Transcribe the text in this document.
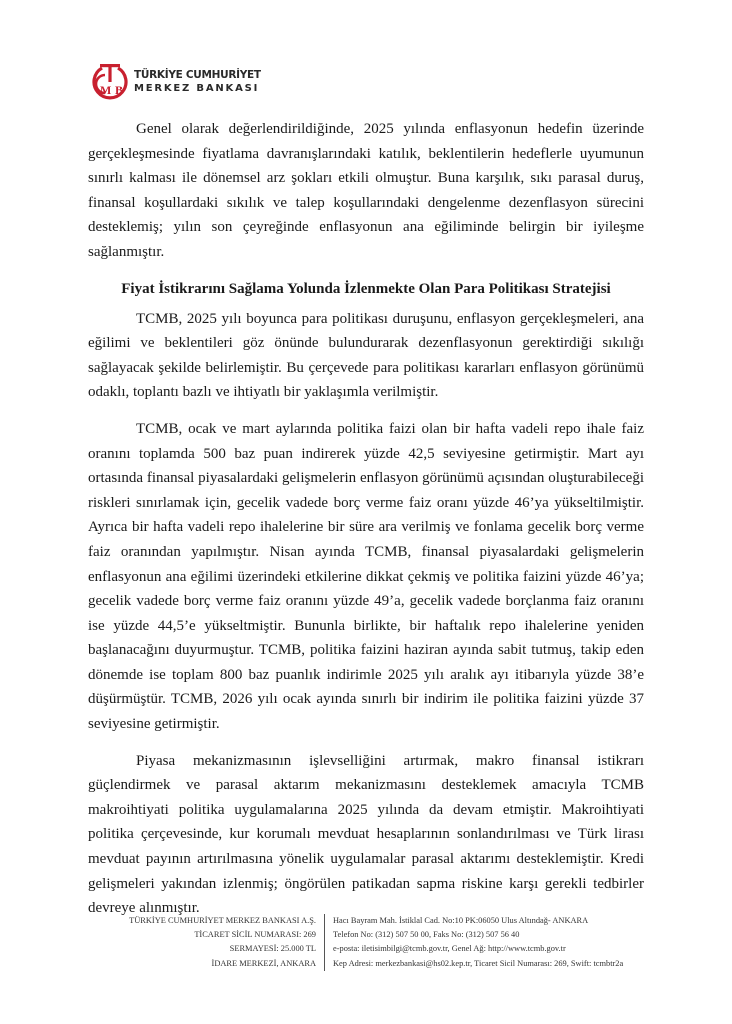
M B
TÜRKİYE CUMHURİYET
MERKEZ BANKASI

Genel olarak değerlendirildiğinde, 2025 yılında enflasyonun hedefin üzerinde gerçekleşmesinde fiyatlama davranışlarındaki katılık, beklentilerin hedeflerle uyumunun sınırlı kalması ile dönemsel arz şokları etkili olmuştur. Buna karşılık, sıkı parasal duruş, finansal koşullardaki sıkılık ve talep koşullarındaki dengelenme dezenflasyon sürecini desteklemiş; yılın son çeyreğinde enflasyonun ana eğiliminde belirgin bir iyileşme sağlanmıştır.

Fiyat İstikrarını Sağlama Yolunda İzlenmekte Olan Para Politikası Stratejisi

TCMB, 2025 yılı boyunca para politikası duruşunu, enflasyon gerçekleşmeleri, ana eğilimi ve beklentileri göz önünde bulundurarak dezenflasyonun gerektirdiği sıkılığı sağlayacak şekilde belirlemiştir. Bu çerçevede para politikası kararları enflasyon görünümü odaklı, toplantı bazlı ve ihtiyatlı bir yaklaşımla verilmiştir.

TCMB, ocak ve mart aylarında politika faizi olan bir hafta vadeli repo ihale faiz oranını toplamda 500 baz puan indirerek yüzde 42,5 seviyesine getirmiştir. Mart ayı ortasında finansal piyasalardaki gelişmelerin enflasyon görünümü açısından oluşturabileceği riskleri sınırlamak için, gecelik vadede borç verme faiz oranı yüzde 46’ya yükseltilmiştir. Ayrıca bir hafta vadeli repo ihalelerine bir süre ara verilmiş ve fonlama gecelik borç verme faiz oranından yapılmıştır. Nisan ayında TCMB, finansal piyasalardaki gelişmelerin enflasyonun ana eğilimi üzerindeki etkilerine dikkat çekmiş ve politika faizini yüzde 46’ya; gecelik vadede borç verme faiz oranını yüzde 49’a, gecelik vadede borçlanma faiz oranını ise yüzde 44,5’e yükseltmiştir. Bununla birlikte, bir haftalık repo ihalelerine yeniden başlanacağını duyurmuştur. TCMB, politika faizini haziran ayında sabit tutmuş, takip eden dönemde ise toplam 800 baz puanlık indirimle 2025 yılı aralık ayı itibarıyla yüzde 38’e düşürmüştür. TCMB, 2026 yılı ocak ayında sınırlı bir indirim ile politika faizini yüzde 37 seviyesine getirmiştir.

Piyasa mekanizmasının işlevselliğini artırmak, makro finansal istikrarı güçlendirmek ve parasal aktarım mekanizmasını desteklemek amacıyla TCMB makroihtiyati politika uygulamalarına 2025 yılında da devam etmiştir. Makroihtiyati politika çerçevesinde, kur korumalı mevduat hesaplarının sonlandırılması ve Türk lirası mevduat payının artırılmasına yönelik uygulamalar parasal aktarımı desteklemiştir. Kredi gelişmeleri yakından izlenmiş; öngörülen patikadan sapma riskine karşı gerekli tedbirler devreye alınmıştır.

TÜRKİYE CUMHURİYET MERKEZ BANKASI A.Ş.
TİCARET SİCİL NUMARASI: 269
SERMAYESİ: 25.000 TL
İDARE MERKEZİ, ANKARA
Hacı Bayram Mah. İstiklal Cad. No:10 PK:06050 Ulus Altındağ- ANKARA
Telefon No: (312) 507 50 00, Faks No: (312) 507 56 40
e-posta: iletisimbilgi@tcmb.gov.tr, Genel Ağ: http://www.tcmb.gov.tr
Kep Adresi: merkezbankasi@hs02.kep.tr, Ticaret Sicil Numarası: 269, Swift: tcmbtr2a
